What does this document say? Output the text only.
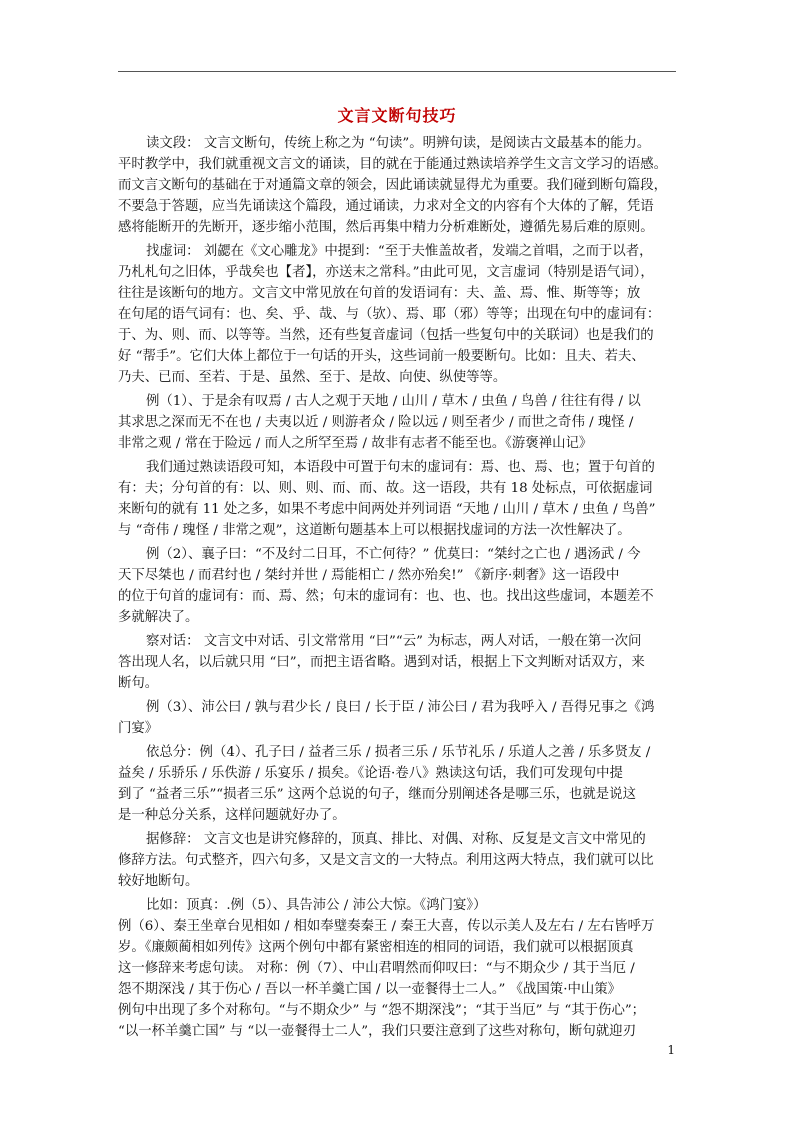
文言文断句技巧

读文段： 文言文断句，传统上称之为 “句读”。明辨句读，是阅读古文最基本的能力。

平时教学中，我们就重视文言文的诵读，目的就在于能通过熟读培养学生文言文学习的语感。

而文言文断句的基础在于对通篇文章的领会，因此诵读就显得尤为重要。我们碰到断句篇段，

不要急于答题，应当先诵读这个篇段，通过诵读，力求对全文的内容有个大体的了解，凭语

感将能断开的先断开，逐步缩小范围，然后再集中精力分析难断处，遵循先易后难的原则。

找虚词： 刘勰在《文心雕龙》中提到：“至于夫惟盖故者，发端之首唱，之而于以者，

乃札札句之旧体，乎哉矣也【者】，亦送末之常科。”由此可见，文言虚词（特别是语气词），

往往是该断句的地方。文言文中常见放在句首的发语词有：夫、盖、焉、惟、斯等等；放

在句尾的语气词有：也、矣、乎、哉、与（欤）、焉、耶（邪）等等；出现在句中的虚词有：

于、为、则、而、以等等。当然，还有些复音虚词（包括一些复句中的关联词）也是我们的

好 “帮手”。它们大体上都位于一句话的开头，这些词前一般要断句。比如：且夫、若夫、

乃夫、已而、至若、于是、虽然、至于、是故、向使、纵使等等。

例（1）、于是余有叹焉 / 古人之观于天地 / 山川 / 草木 / 虫鱼 / 鸟兽 / 往往有得 / 以

其求思之深而无不在也 / 夫夷以近 / 则游者众 / 险以远 / 则至者少 / 而世之奇伟 / 瑰怪 /

非常之观 / 常在于险远 / 而人之所罕至焉 / 故非有志者不能至也。《游褒禅山记》

我们通过熟读语段可知，本语段中可置于句末的虚词有：焉、也、焉、也；置于句首的

有：夫；分句首的有：以、则、则、而、而、故。这一语段，共有 18 处标点，可依据虚词

来断句的就有 11 处之多，如果不考虑中间两处并列词语 “天地 / 山川 / 草木 / 虫鱼 / 鸟兽”

与 “奇伟 / 瑰怪 / 非常之观”，这道断句题基本上可以根据找虚词的方法一次性解决了。

例（2）、襄子曰：“不及纣二日耳，不亡何待？” 优莫曰：“桀纣之亡也 / 遇汤武 / 今

天下尽桀也 / 而君纣也 / 桀纣并世 / 焉能相亡 / 然亦殆矣!” 《新序·刺奢》这一语段中

的位于句首的虚词有：而、焉、然；句末的虚词有：也、也、也。找出这些虚词，本题差不

多就解决了。

察对话： 文言文中对话、引文常常用 “曰”“云” 为标志，两人对话，一般在第一次问

答出现人名，以后就只用 “曰”，而把主语省略。遇到对话，根据上下文判断对话双方，来

断句。

例（3）、沛公曰 / 孰与君少长 / 良曰 / 长于臣 / 沛公曰 / 君为我呼入 / 吾得兄事之《鸿

门宴》

依总分：例（4）、孔子曰 / 益者三乐 / 损者三乐 / 乐节礼乐 / 乐道人之善 / 乐多贤友 /

益矣 / 乐骄乐 / 乐佚游 / 乐宴乐 / 损矣。《论语·卷八》熟读这句话，我们可发现句中提

到了 “益者三乐”“损者三乐” 这两个总说的句子，继而分别阐述各是哪三乐，也就是说这

是一种总分关系，这样问题就好办了。

据修辞： 文言文也是讲究修辞的，顶真、排比、对偶、对称、反复是文言文中常见的

修辞方法。句式整齐，四六句多，又是文言文的一大特点。利用这两大特点，我们就可以比

较好地断句。

比如：顶真：.例（5）、具告沛公 / 沛公大惊。《鸿门宴》）

例（6）、秦王坐章台见相如 / 相如奉璧奏秦王 / 秦王大喜，传以示美人及左右 / 左右皆呼万

岁。《廉颇蔺相如列传》这两个例句中都有紧密相连的相同的词语，我们就可以根据顶真

这一修辞来考虑句读。 对称：例（7）、中山君喟然而仰叹曰：“与不期众少 / 其于当厄 /

怨不期深浅 / 其于伤心 / 吾以一杯羊羹亡国 / 以一壶餐得士二人。” 《战国策·中山策》

例句中出现了多个对称句。“与不期众少” 与 “怨不期深浅”；“其于当厄” 与 “其于伤心”；

“以一杯羊羹亡国” 与 “以一壶餐得士二人”，我们只要注意到了这些对称句，断句就迎刃

1
